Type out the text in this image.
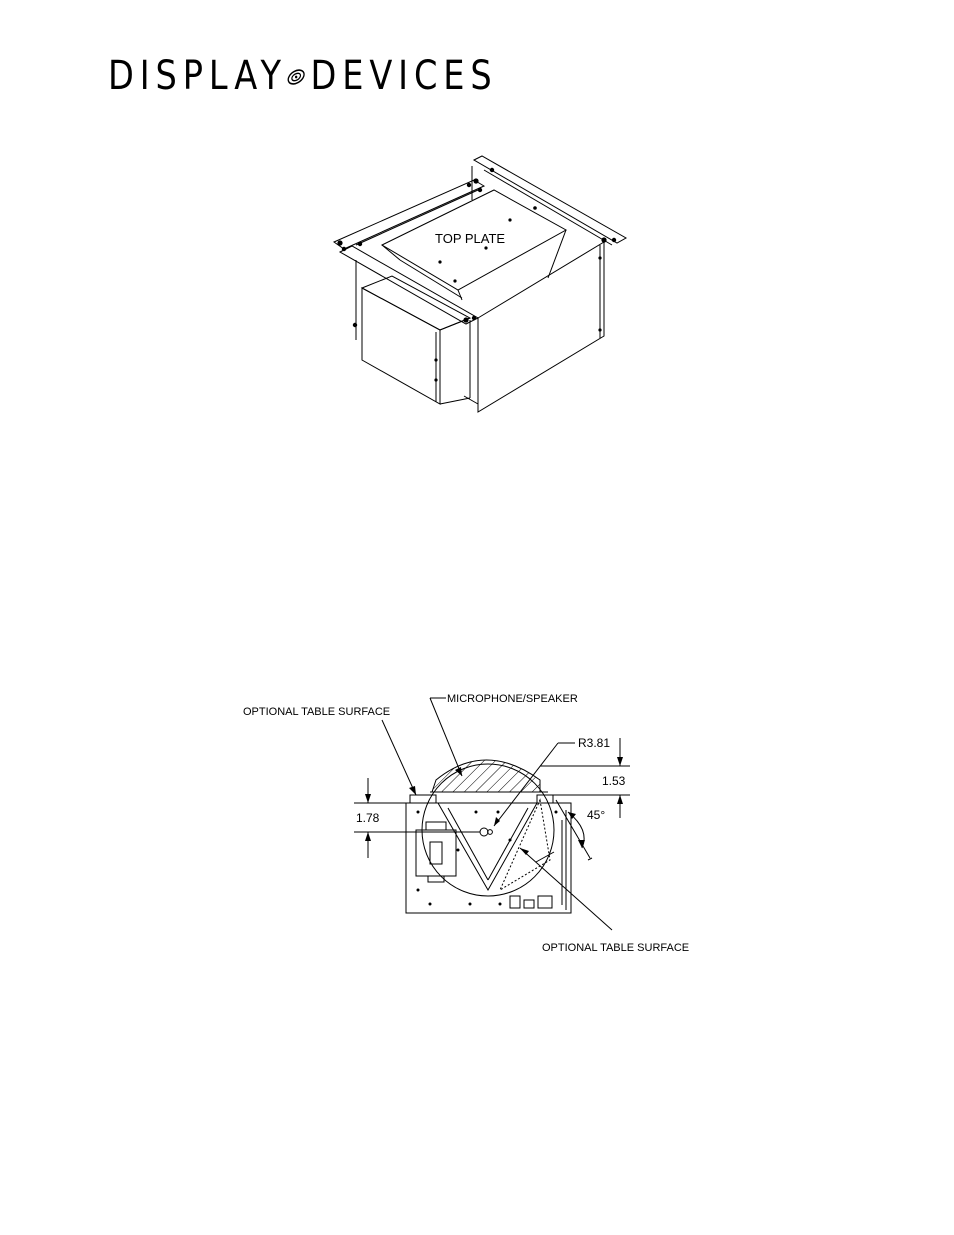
DISPLAY DEVICES
TOP PLATE
OPTIONAL TABLE SURFACE
MICROPHONE/SPEAKER
R3.81
1.53
1.78	45°
OPTIONAL TABLE SURFACE
